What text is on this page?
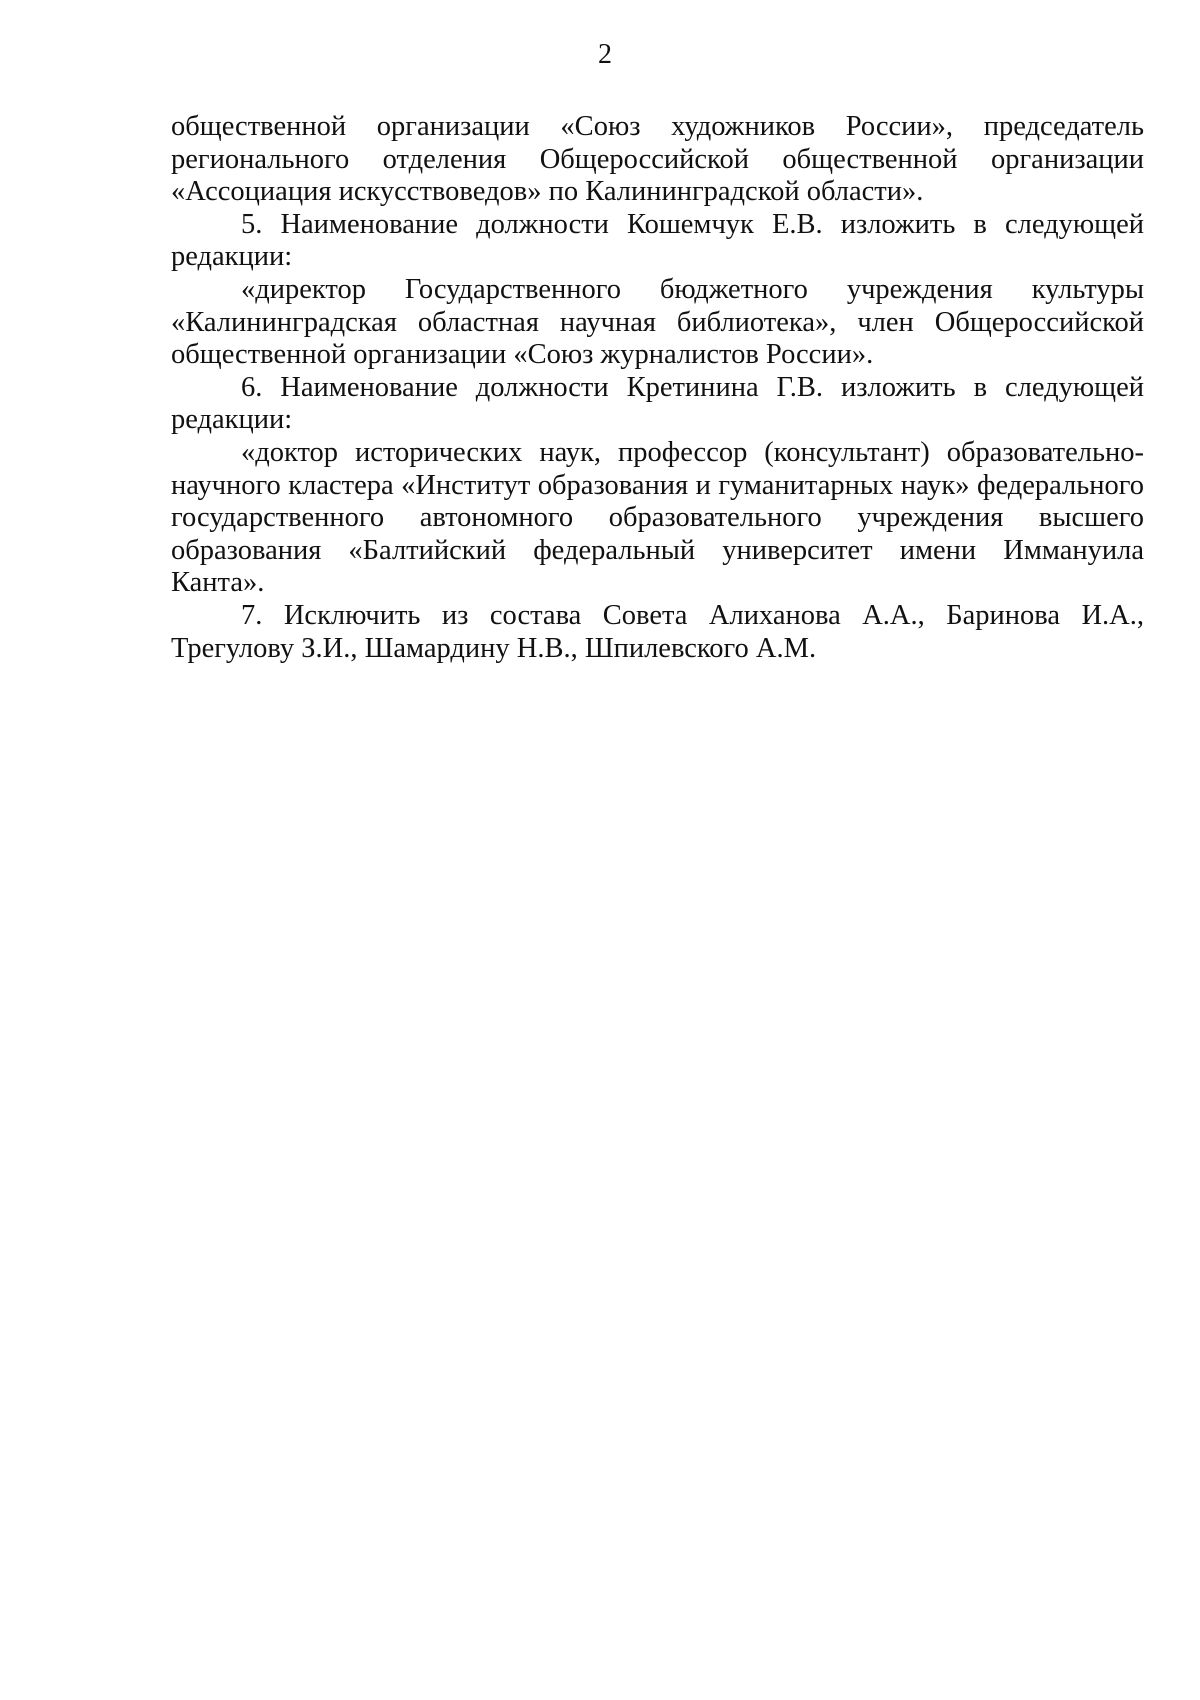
2

общественной организации «Союз художников России», председатель регионального отделения Общероссийской общественной организации «Ассоциация искусствоведов» по Калининградской области».

5. Наименование должности Кошемчук Е.В. изложить в следующей редакции:

«директор Государственного бюджетного учреждения культуры «Калининградская областная научная библиотека», член Общероссийской общественной организации «Союз журналистов России».

6. Наименование должности Кретинина Г.В. изложить в следующей редакции:

«доктор исторических наук, профессор (консультант) образовательно-научного кластера «Институт образования и гуманитарных наук» федерального государственного автономного образовательного учреждения высшего образования «Балтийский федеральный университет имени Иммануила Канта».

7. Исключить из состава Совета Алиханова А.А., Баринова И.А., Трегулову З.И., Шамардину Н.В., Шпилевского А.М.
